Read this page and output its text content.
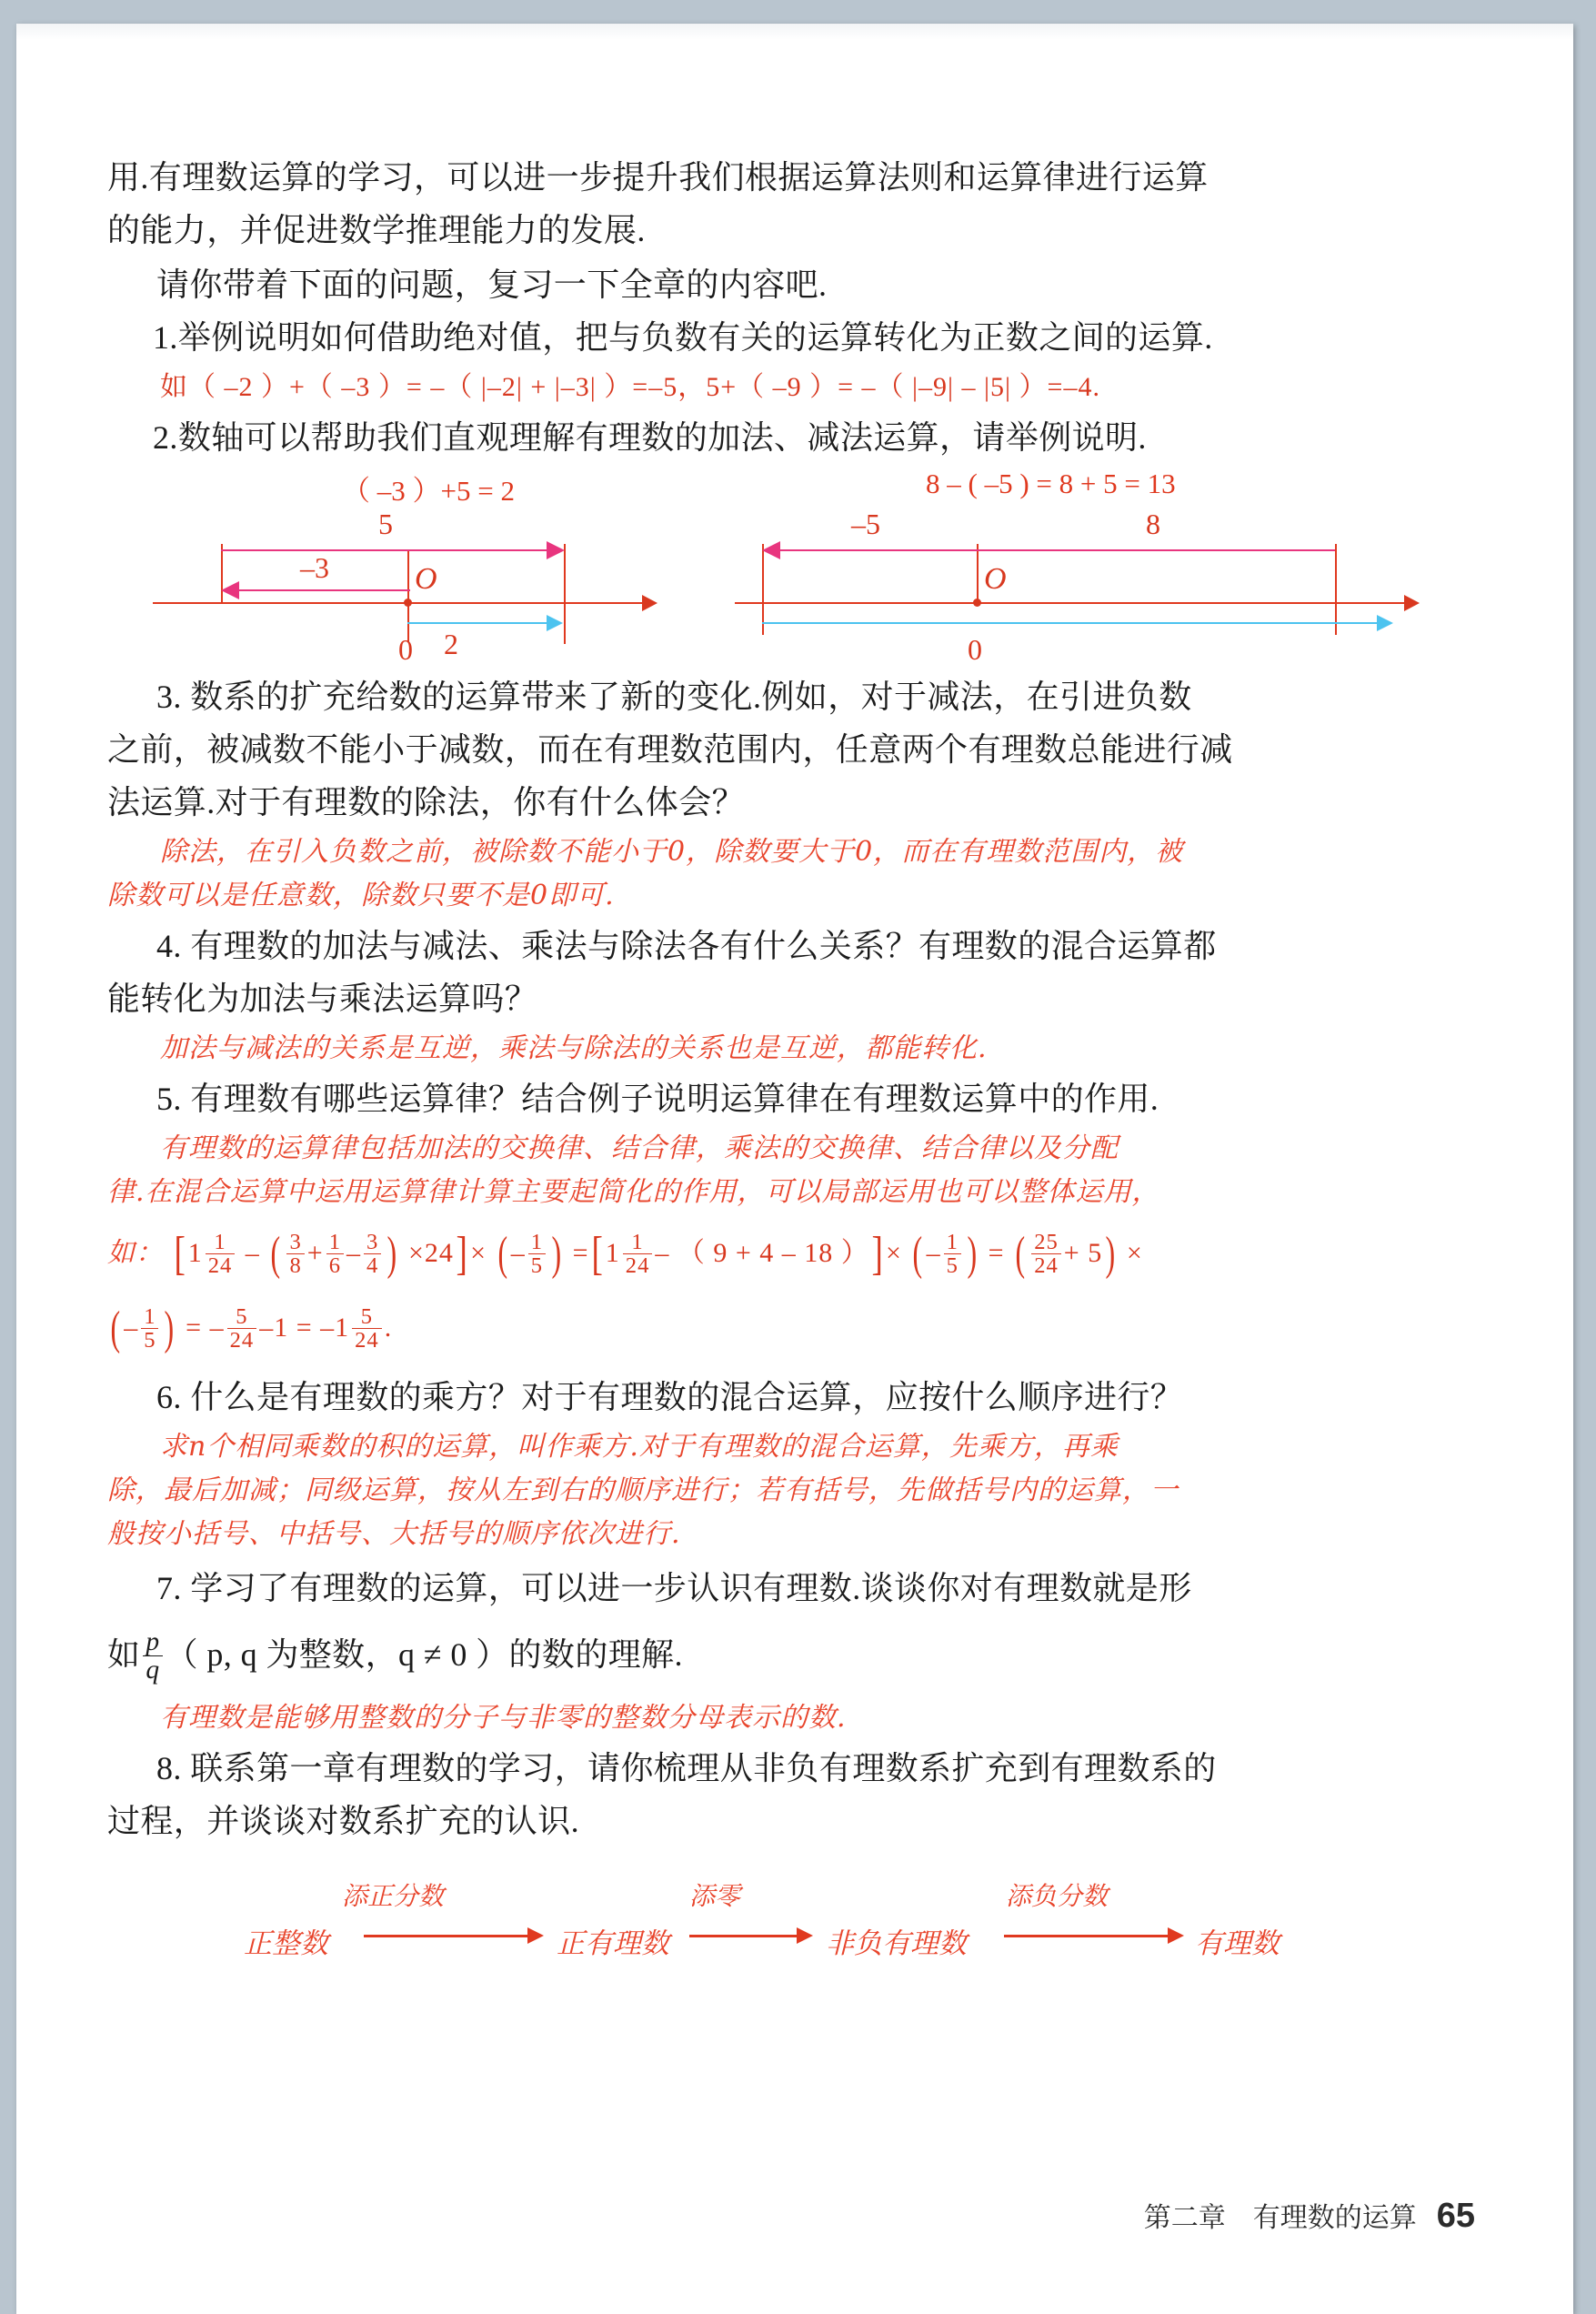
用.有理数运算的学习，可以进一步提升我们根据运算法则和运算律进行运算

的能力，并促进数学推理能力的发展.

请你带着下面的问题，复习一下全章的内容吧.

1.举例说明如何借助绝对值，把与负数有关的运算转化为正数之间的运算.

如（ –2 ）+（ –3 ）= –（ |–2| + |–3| ）=–5，5+（ –9 ）= –（ |–9| – |5| ）=–4.

2.数轴可以帮助我们直观理解有理数的加法、减法运算，请举例说明.

（ –3 ）+5 = 2
5
–3	O
0 2
8 – ( –5 ) = 8 + 5 = 13
–5	8
O
0

3. 数系的扩充给数的运算带来了新的变化.例如，对于减法，在引进负数

之前，被减数不能小于减数，而在有理数范围内，任意两个有理数总能进行减

法运算.对于有理数的除法，你有什么体会？

除法，在引入负数之前，被除数不能小于0，除数要大于0，而在有理数范围内，被
除数可以是任意数，除数只要不是0即可.

4. 有理数的加法与减法、乘法与除法各有什么关系？有理数的混合运算都

能转化为加法与乘法运算吗？

加法与减法的关系是互逆，乘法与除法的关系也是互逆，都能转化.

5. 有理数有哪些运算律？结合例子说明运算律在有理数运算中的作用.

有理数的运算律包括加法的交换律、结合律，乘法的交换律、结合律以及分配
律.在混合运算中运用运算律计算主要起简化的作用，可以局部运用也可以整体运用，
如： [$1 \frac{1}{24}$ – ( $\frac{3}{8} + \frac{1}{6} - \frac{3}{4}$ ) ×24]× ( – $\frac{1}{5}$ ) $=[1 \frac{1}{24}$ – （ 9 + 4 – 18 ）]× ( – $\frac{1}{5}$ ) = ( $\frac{25}{24} + 5$) ×
( – $\frac{1}{5}$ ) = – $\frac{5}{24} -1 = -1 \frac{5}{24}$ .

6. 什么是有理数的乘方？对于有理数的混合运算，应按什么顺序进行？

求n个相同乘数的积的运算，叫作乘方.对于有理数的混合运算，先乘方，再乘
除，最后加减；同级运算，按从左到右的顺序进行；若有括号，先做括号内的运算，一
般按小括号、中括号、大括号的顺序依次进行.

7. 学习了有理数的运算，可以进一步认识有理数.谈谈你对有理数就是形

如 $\frac{p}{q}$ （ p, q 为整数，q ≠ 0 ）的数的理解.

有理数是能够用整数的分子与非零的整数分母表示的数.

8. 联系第一章有理数的学习，请你梳理从非负有理数系扩充到有理数系的

过程，并谈谈对数系扩充的认识.

正整数
添正分数
正有理数
添零
非负有理数
添负分数
有理数
第二章　有理数的运算 65
